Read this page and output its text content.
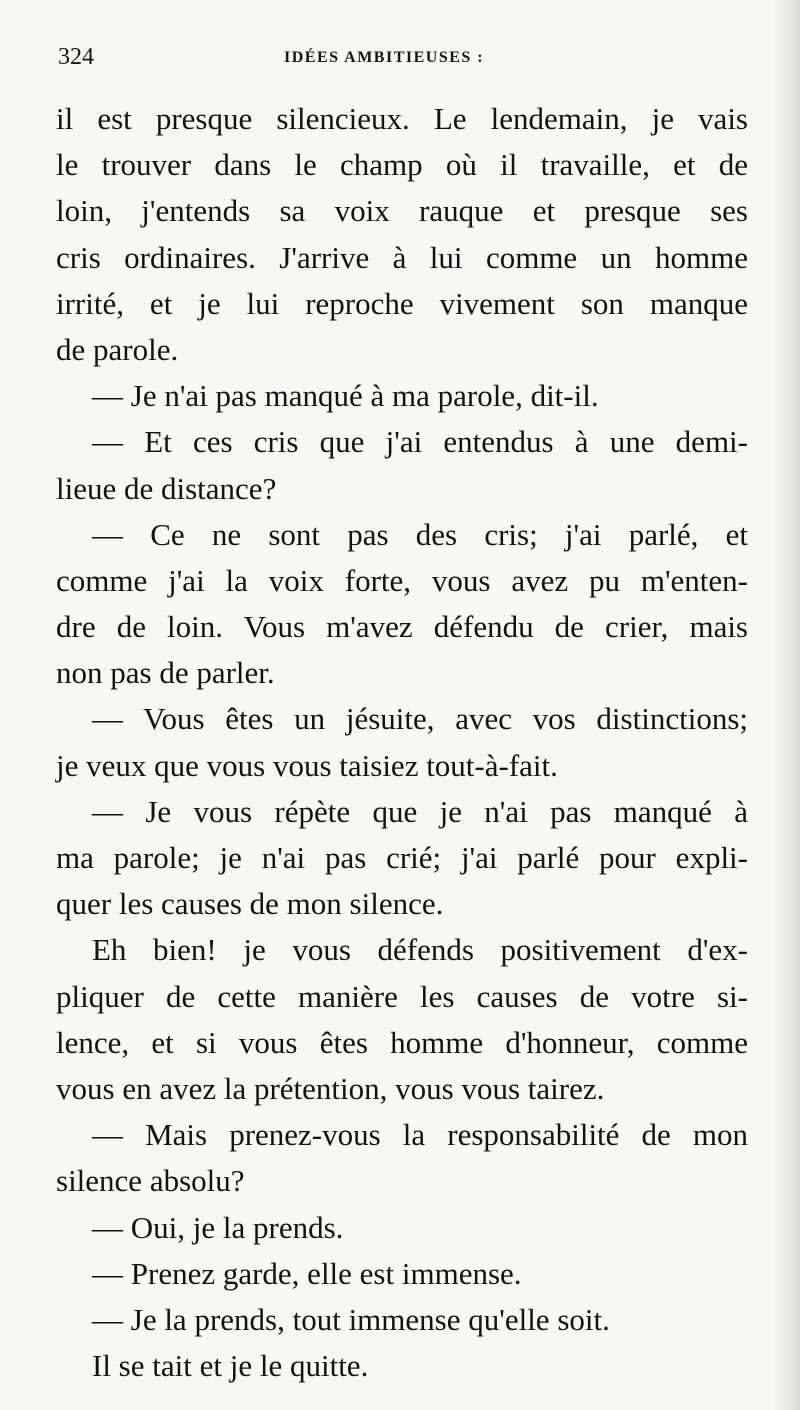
324	IDÉES AMBITIEUSES :
il est presque silencieux. Le lendemain, je vais
le trouver dans le champ où il travaille, et de
loin, j'entends sa voix rauque et presque ses
cris ordinaires. J'arrive à lui comme un homme
irrité, et je lui reproche vivement son manque
de parole.
— Je n'ai pas manqué à ma parole, dit-il.
— Et ces cris que j'ai entendus à une demi-
lieue de distance?
— Ce ne sont pas des cris; j'ai parlé, et
comme j'ai la voix forte, vous avez pu m'enten-
dre de loin. Vous m'avez défendu de crier, mais
non pas de parler.
— Vous êtes un jésuite, avec vos distinctions;
je veux que vous vous taisiez tout-à-fait.
— Je vous répète que je n'ai pas manqué à
ma parole; je n'ai pas crié; j'ai parlé pour expli-
quer les causes de mon silence.
Eh bien! je vous défends positivement d'ex-
pliquer de cette manière les causes de votre si-
lence, et si vous êtes homme d'honneur, comme
vous en avez la prétention, vous vous tairez.
— Mais prenez-vous la responsabilité de mon
silence absolu?
— Oui, je la prends.
— Prenez garde, elle est immense.
— Je la prends, tout immense qu'elle soit.
Il se tait et je le quitte.
